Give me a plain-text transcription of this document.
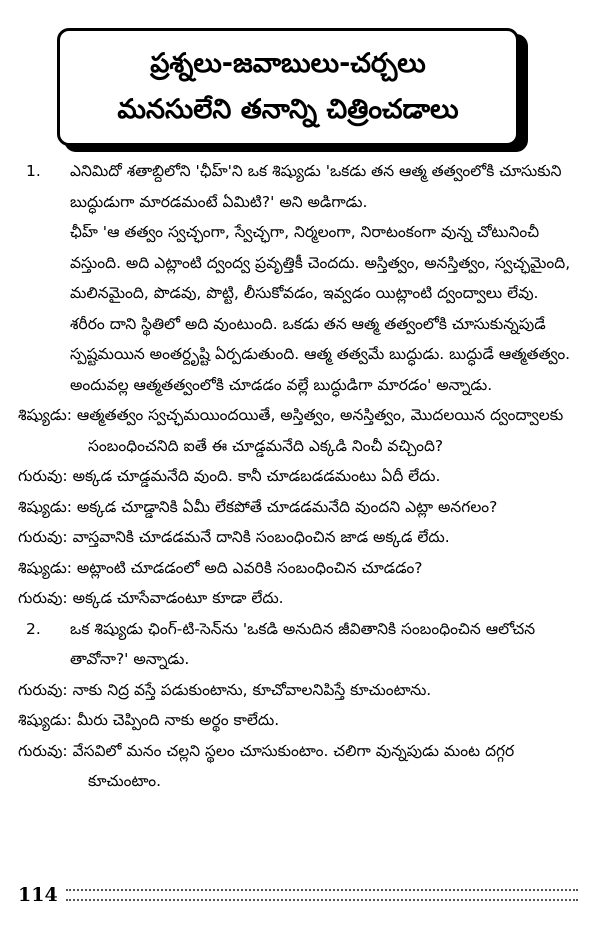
ప్రశ్నలు-జవాబులు-చర్చలు
మనసులేని తనాన్ని చిత్రించడాలు
1.	ఎనిమిదో శతాబ్దిలోని 'ఛీహ్'ని ఒక శిష్యుడు 'ఒకడు తన ఆత్మ తత్వంలోకి చూసుకుని బుద్ధుడుగా మారడమంటే ఏమిటి?' అని అడిగాడు.
ఛీహ్ 'ఆ తత్వం స్వచ్ఛంగా, స్వేచ్ఛగా, నిర్మలంగా, నిరాటంకంగా వున్న చోటునించీ వస్తుంది. అది ఎట్లాంటి ద్వంద్వ ప్రవృత్తికీ చెందదు. అస్తిత్వం, అనస్తిత్వం, స్వచ్ఛమైంది, మలినమైంది, పొడవు, పొట్టి, లీసుకోవడం, ఇవ్వడం యిట్లాంటి ద్వంద్వాలు లేవు. శరీరం దాని స్థితిలో అది వుంటుంది. ఒకడు తన ఆత్మ తత్వంలోకి చూసుకున్నపుడే స్పష్టమయిన అంతర్దృష్టి ఏర్పడుతుంది. ఆత్మ తత్వమే బుద్ధుడు. బుద్ధుడే ఆత్మతత్వం. అందువల్ల ఆత్మతత్వంలోకి చూడడం వల్లే బుద్ధుడిగా మారడం' అన్నాడు.
శిష్యుడు: ఆత్మతత్వం స్వచ్ఛమయిందయితే, అస్తిత్వం, అనస్తిత్వం, మొదలయిన ద్వంద్వాలకు సంబంధించనిది ఐతే ఈ చూడ్డమనేది ఎక్కడి నించీ వచ్చింది?
గురువు: అక్కడ చూడ్డమనేది వుంది. కానీ చూడబడడమంటు ఏదీ లేదు.
శిష్యుడు: అక్కడ చూడ్డానికి ఏమీ లేకపోతే చూడడమనేది వుందని ఎట్లా అనగలం?
గురువు: వాస్తవానికి చూడడమనే దానికి సంబంధించిన జాడ అక్కడ లేదు.
శిష్యుడు: అట్లాంటి చూడడంలో అది ఎవరికి సంబంధించిన చూడడం?
గురువు: అక్కడ చూసేవాడంటూ కూడా లేదు.
2.	ఒక శిష్యుడు ఛింగ్-టి-సెన్‌ను 'ఒకడి అనుదిన జీవితానికి సంబంధించిన ఆలోచన తావోనా?' అన్నాడు.
గురువు: నాకు నిద్ర వస్తే పడుకుంటాను, కూచోవాలనిపిస్తే కూచుంటాను.
శిష్యుడు: మీరు చెప్పింది నాకు అర్థం కాలేదు.
గురువు: వేసవిలో మనం చల్లని స్థలం చూసుకుంటాం. చలిగా వున్నపుడు మంట దగ్గర కూచుంటాం.
114
